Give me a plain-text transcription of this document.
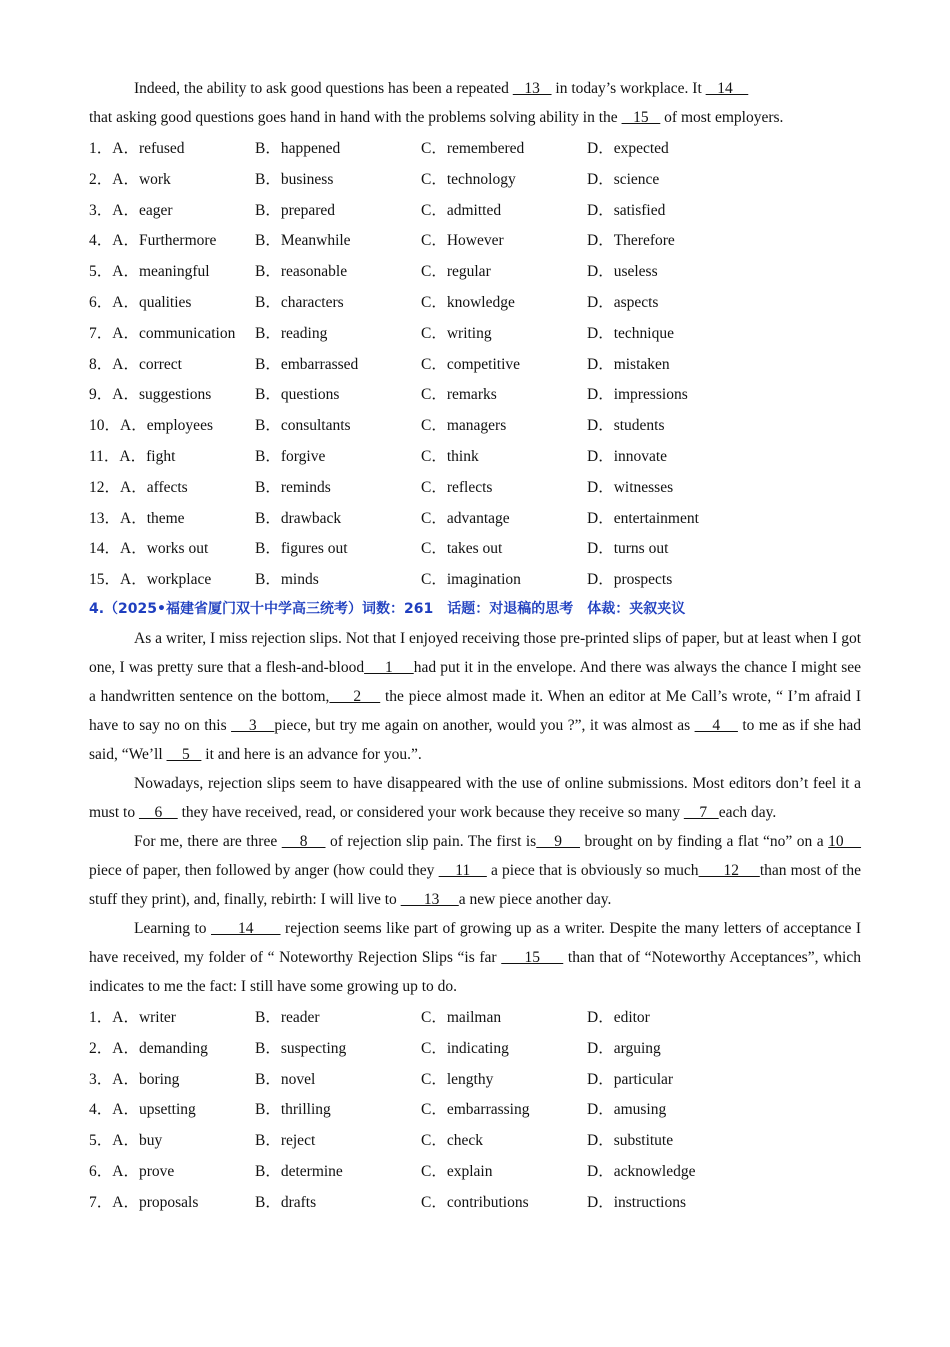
Indeed, the ability to ask good questions has been a repeated    13    in today’s workplace. It    14
that asking good questions goes hand in hand with the problems solving ability in the    15    of most employers.
1．A．refused	B．happened	C．remembered	D．expected
2．A．work	B．business	C．technology	D．science
3．A．eager	B．prepared	C．admitted	D．satisfied
4．A．Furthermore	B．Meanwhile	C．However	D．Therefore
5．A．meaningful	B．reasonable	C．regular	D．useless
6．A．qualities	B．characters	C．knowledge	D．aspects
7．A．communication	B．reading	C．writing	D．technique
8．A．correct	B．embarrassed	C．competitive	D．mistaken
9．A．suggestions	B．questions	C．remarks	D．impressions
10．A．employees	B．consultants	C．managers	D．students
11．A．fight	B．forgive	C．think	D．innovate
12．A．affects	B．reminds	C．reflects	D．witnesses
13．A．theme	B．drawback	C．advantage	D．entertainment
14．A．works out	B．figures out	C．takes out	D．turns out
15．A．workplace	B．minds	C．imagination	D．prospects
4.（2025•福建省厦门双十中学高三统考）词数：261　话题：对退稿的思考　体裁：夹叙夹议

As a writer, I miss rejection slips. Not that I enjoyed receiving those pre-printed slips of paper, but at least when I got one, I was pretty sure that a flesh-and-blood     1     had put it in the envelope. And there was always the chance I might see a handwritten sentence on the bottom,     2     the piece almost made it. When an editor at Me Call’s wrote, “ I’m afraid I have to say no on this     3    piece, but try me again on another, would you ?”, it was almost as     4     to me as if she had said, “We’ll     5    it and here is an advance for you.”.

Nowadays, rejection slips seem to have disappeared with the use of online submissions. Most editors don’t feel it a must to     6     they have received, read, or considered your work because they receive so many     7   each day.

For me, there are three     8     of rejection slip pain. The first is    9     brought on by finding a flat “no” on a 10     piece of paper, then followed by anger (how could they     11     a piece that is obviously so much      12     than most of the stuff they print), and, finally, rebirth: I will live to       13     a new piece another day.

Learning to       14       rejection seems like part of growing up as a writer. Despite the many letters of acceptance I have received, my folder of “ Noteworthy Rejection Slips “is far      15      than that of “Noteworthy Acceptances”, which indicates to me the fact: I still have some growing up to do.

1．A．writer	B．reader	C．mailman	D．editor
2．A．demanding	B．suspecting	C．indicating	D．arguing
3．A．boring	B．novel	C．lengthy	D．particular
4．A．upsetting	B．thrilling	C．embarrassing	D．amusing
5．A．buy	B．reject	C．check	D．substitute
6．A．prove	B．determine	C．explain	D．acknowledge
7．A．proposals	B．drafts	C．contributions	D．instructions
